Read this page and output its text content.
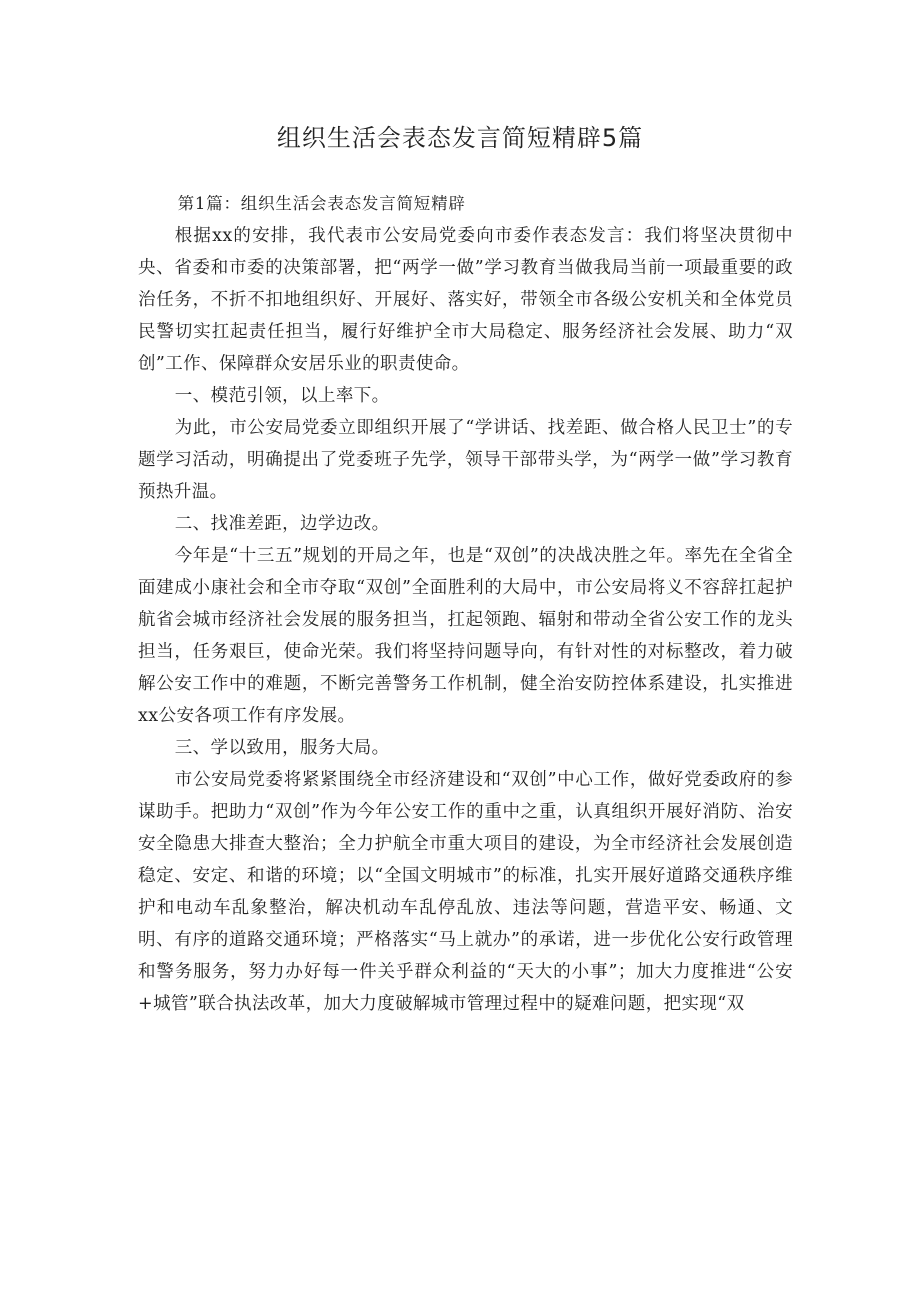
组织生活会表态发言简短精辟5篇

第1篇：组织生活会表态发言简短精辟

根据xx的安排，我代表市公安局党委向市委作表态发言：我们将坚决贯彻中央、省委和市委的决策部署，把“两学一做”学习教育当做我局当前一项最重要的政治任务，不折不扣地组织好、开展好、落实好，带领全市各级公安机关和全体党员民警切实扛起责任担当，履行好维护全市大局稳定、服务经济社会发展、助力“双创”工作、保障群众安居乐业的职责使命。

一、模范引领，以上率下。

为此，市公安局党委立即组织开展了“学讲话、找差距、做合格人民卫士”的专题学习活动，明确提出了党委班子先学，领导干部带头学，为“两学一做”学习教育预热升温。

二、找准差距，边学边改。

今年是“十三五”规划的开局之年，也是“双创”的决战决胜之年。率先在全省全面建成小康社会和全市夺取“双创”全面胜利的大局中，市公安局将义不容辞扛起护航省会城市经济社会发展的服务担当，扛起领跑、辐射和带动全省公安工作的龙头担当，任务艰巨，使命光荣。我们将坚持问题导向，有针对性的对标整改，着力破解公安工作中的难题，不断完善警务工作机制，健全治安防控体系建设，扎实推进xx公安各项工作有序发展。

三、学以致用，服务大局。

市公安局党委将紧紧围绕全市经济建设和“双创”中心工作，做好党委政府的参谋助手。把助力“双创”作为今年公安工作的重中之重，认真组织开展好消防、治安安全隐患大排查大整治；全力护航全市重大项目的建设，为全市经济社会发展创造稳定、安定、和谐的环境；以“全国文明城市”的标准，扎实开展好道路交通秩序维护和电动车乱象整治，解决机动车乱停乱放、违法等问题，营造平安、畅通、文明、有序的道路交通环境；严格落实“马上就办”的承诺，进一步优化公安行政管理和警务服务，努力办好每一件关乎群众利益的“天大的小事”；加大力度推进“公安+城管”联合执法改革，加大力度破解城市管理过程中的疑难问题，把实现“双
